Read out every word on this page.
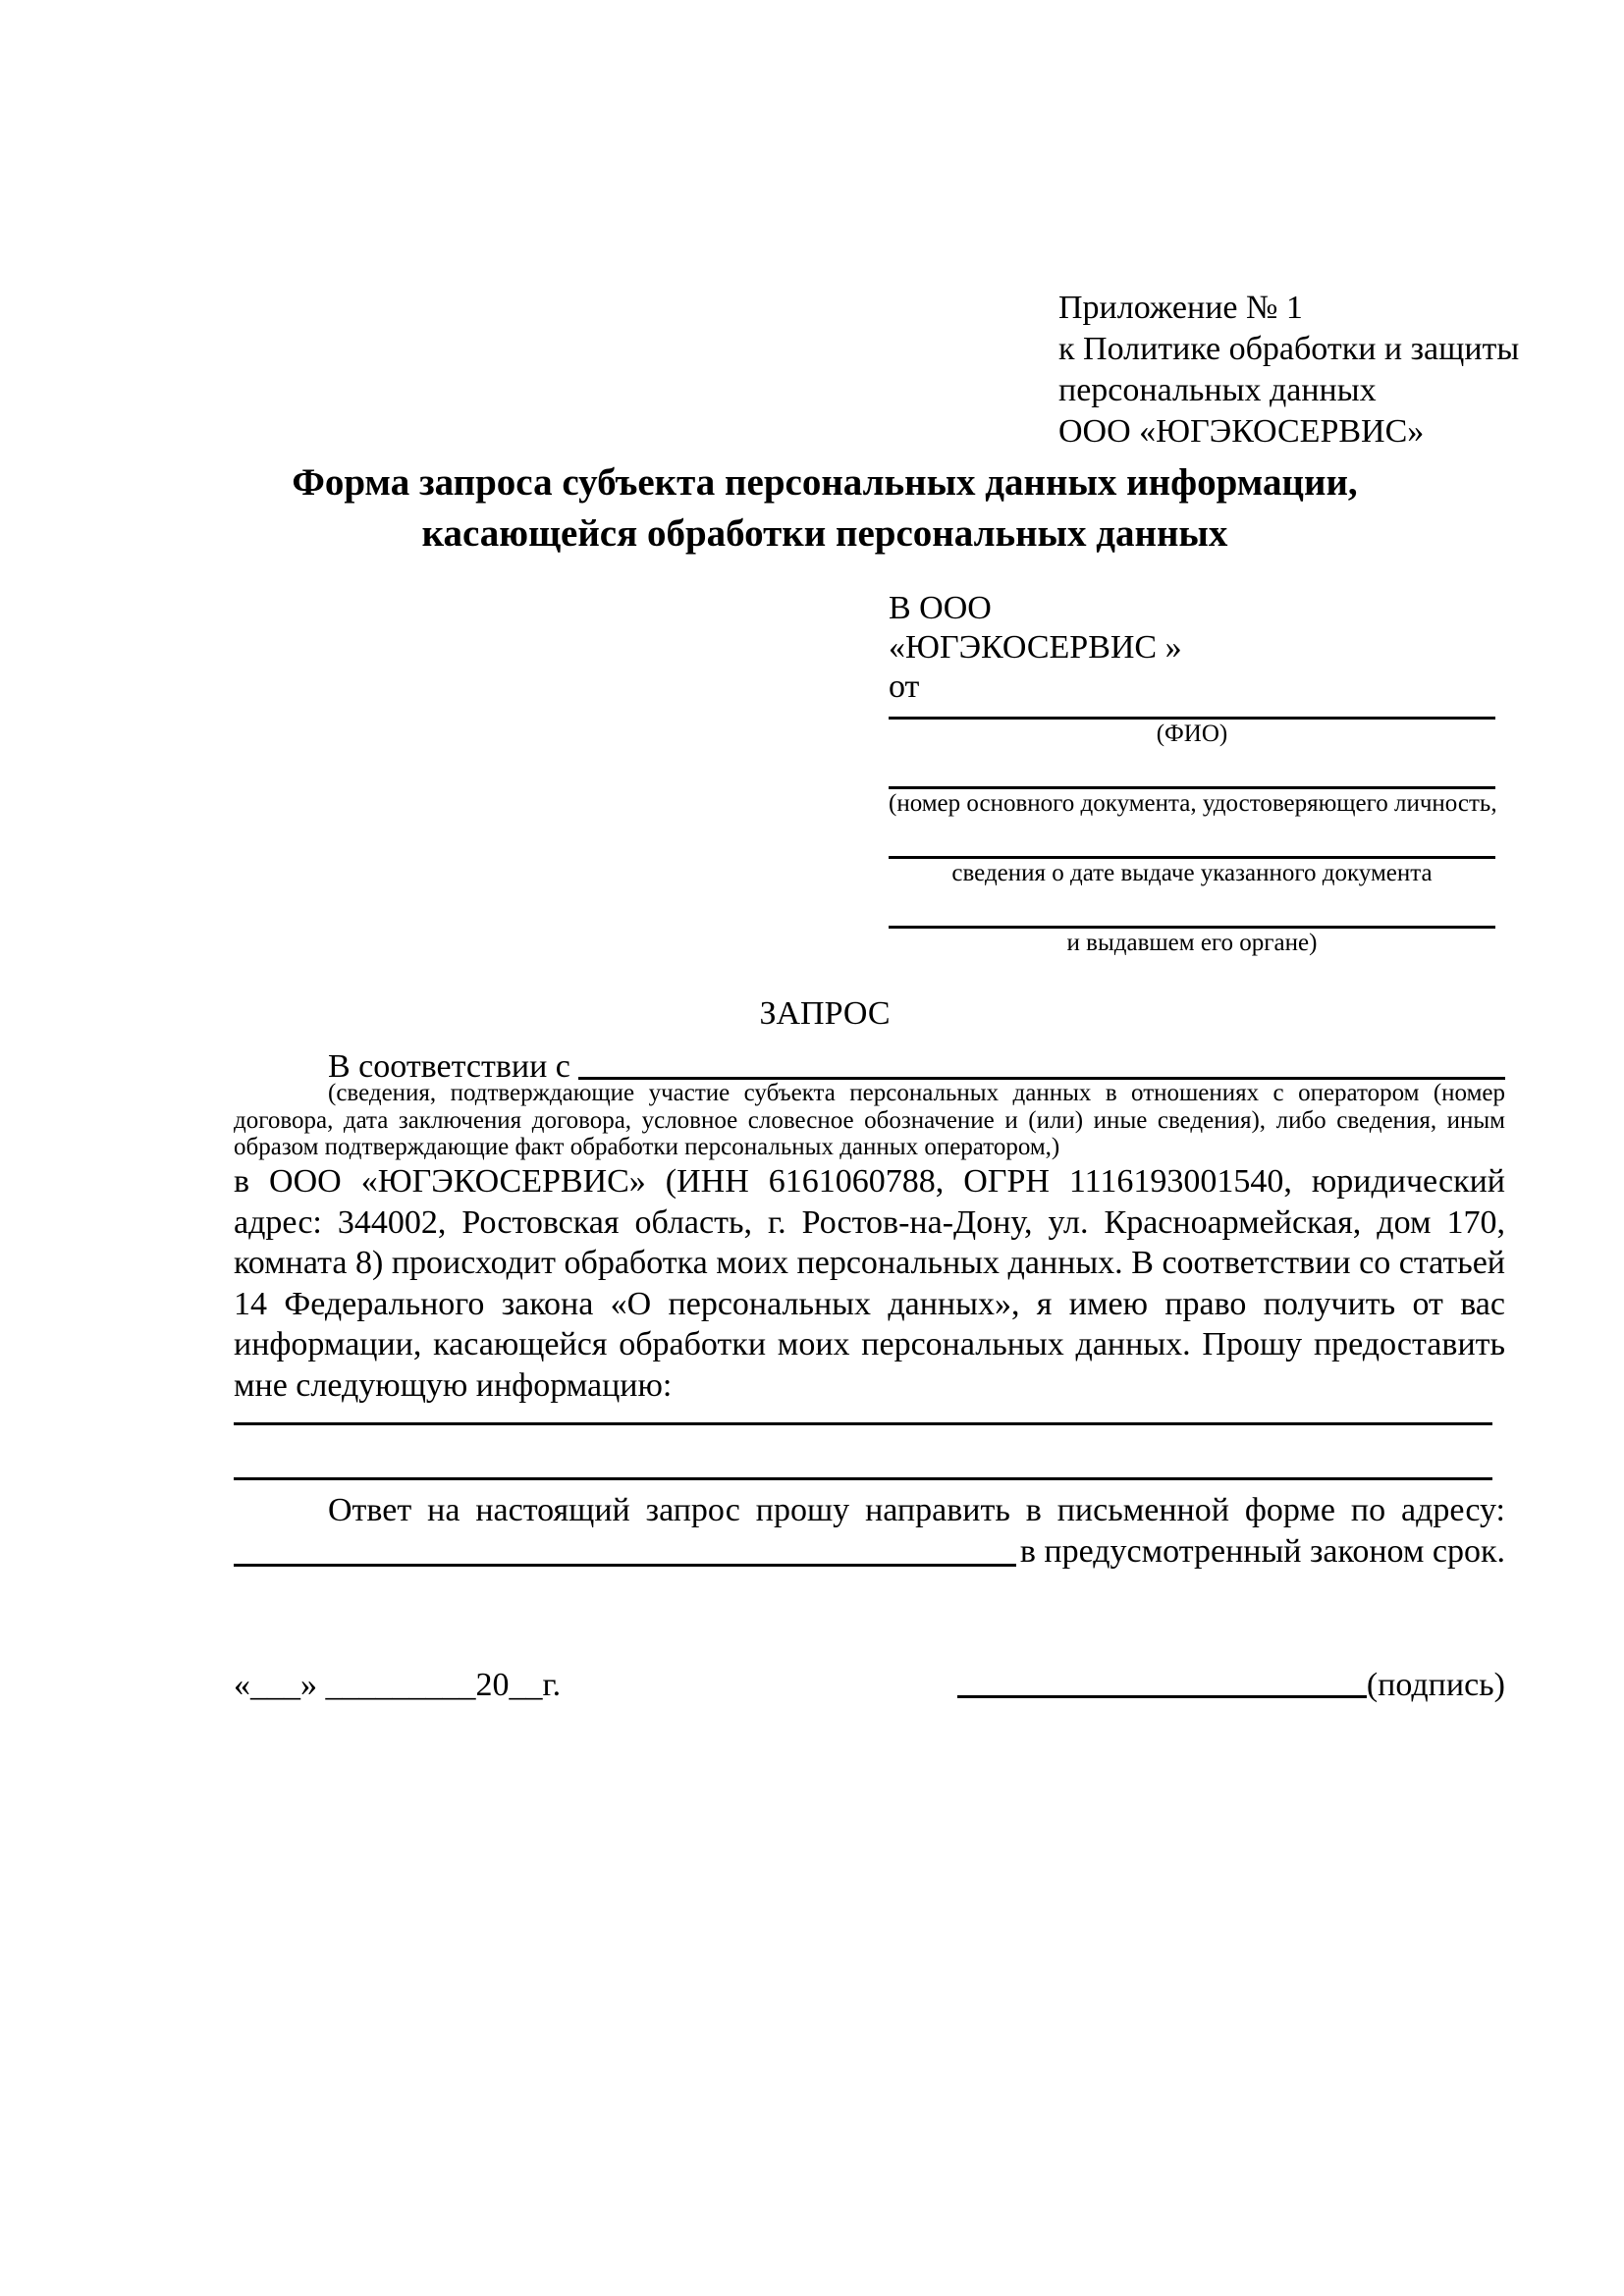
Приложение № 1
к Политике обработки и защиты
персональных данных
ООО «ЮГЭКОСЕРВИС»
Форма запроса субъекта персональных данных информации,
касающейся обработки персональных данных
В ООО
«ЮГЭКОСЕРВИС »
от
(ФИО)
(номер основного документа, удостоверяющего личность,
сведения о дате выдаче указанного документа
и выдавшем его органе)
ЗАПРОС
В соответствии с
(сведения, подтверждающие участие субъекта персональных данных в отношениях с оператором (номер договора, дата заключения договора, условное словесное обозначение и (или) иные сведения), либо сведения, иным образом подтверждающие факт обработки персональных данных оператором,)
в ООО «ЮГЭКОСЕРВИС» (ИНН 6161060788, ОГРН 1116193001540, юридический адрес: 344002, Ростовская область, г. Ростов-на-Дону, ул. Красноармейская, дом 170, комната 8) происходит обработка моих персональных данных. В соответствии со статьей 14 Федерального закона «О персональных данных», я имею право получить от вас информации, касающейся обработки моих персональных данных. Прошу предоставить мне следующую информацию:
Ответ на настоящий запрос прошу направить в письменной форме по адресу:
в предусмотренный законом срок.
«___» _________20__г.	(подпись)
